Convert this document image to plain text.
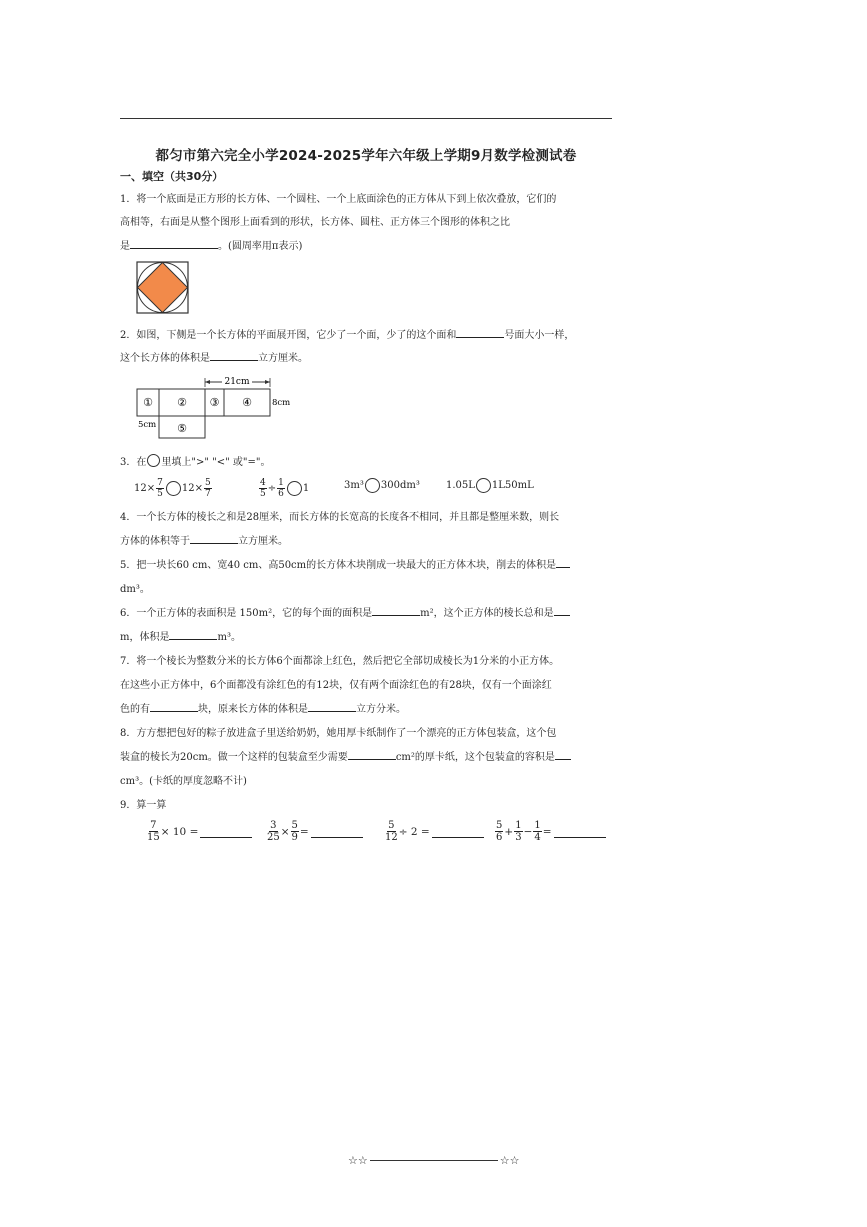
都匀市第六完全小学2024-2025学年六年级上学期9月数学检测试卷
一、填空（共30分）
1．将一个底面是正方形的长方体、一个圆柱、一个上底面涂色的正方体从下到上依次叠放，它们的
高相等，右面是从整个图形上面看到的形状，长方体、圆柱、正方体三个图形的体积之比
是	。(圆周率用π表示)
2．如图，下侧是一个长方体的平面展开图，它少了一个面，少了的这个面和	号面大小一样，
这个长方体的体积是	立方厘米。
21cm
① ② ③ ④
⑤
8cm
5cm
3．在 里填上">" "<" 或"="。
$12\times \frac{7}{5} 12\times \frac{5}{7}$	$\frac{4}{5} \div \frac{1}{6} 1$	3m³ 300dm³	1.05L 1L50mL
4．一个长方体的棱长之和是28厘米，而长方体的长宽高的长度各不相同，并且都是整厘米数，则长
方体的体积等于	立方厘米。
5．把一块长60 cm、宽40 cm、高50cm的长方体木块削成一块最大的正方体木块，削去的体积是
dm³。
6．一个正方体的表面积是 150m²，它的每个面的面积是	m²，这个正方体的棱长总和是
m，体积是	m³。
7．将一个棱长为整数分米的长方体6个面都涂上红色，然后把它全部切成棱长为1分米的小正方体。
在这些小正方体中，6个面都没有涂红色的有12块，仅有两个面涂红色的有28块，仅有一个面涂红
色的有	块，原来长方体的体积是	立方分米。
8．方方想把包好的粽子放进盒子里送给奶奶，她用厚卡纸制作了一个漂亮的正方体包装盒，这个包
装盒的棱长为20cm。做一个这样的包装盒至少需要	cm²的厚卡纸，这个包装盒的容积是
cm³。(卡纸的厚度忽略不计)
9．算一算
$\frac{7}{15} \times 10$ =	$\frac{3}{25} \times \frac{5}{9}$ =	$\frac{5}{12} \div 2$ =	$\frac{5}{6} + \frac{1}{3} - \frac{1}{4}$ =
☆☆	☆☆
